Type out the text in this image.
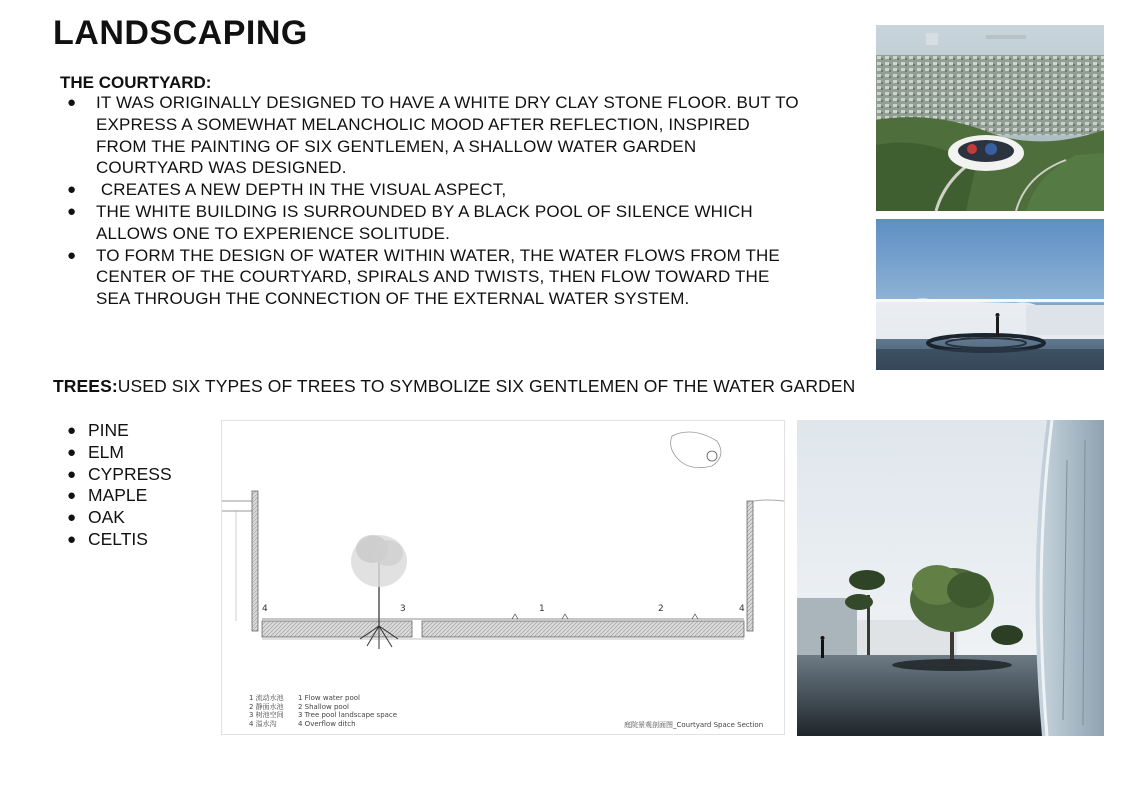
LANDSCAPING
THE COURTYARD:
● IT WAS ORIGINALLY DESIGNED TO HAVE A WHITE DRY CLAY STONE FLOOR. BUT TO EXPRESS A SOMEWHAT MELANCHOLIC MOOD AFTER REFLECTION, INSPIRED FROM THE PAINTING OF SIX GENTLEMEN, A SHALLOW WATER GARDEN COURTYARD WAS DESIGNED.
● CREATES A NEW DEPTH IN THE VISUAL ASPECT,
● THE WHITE BUILDING IS SURROUNDED BY A BLACK POOL OF SILENCE WHICH ALLOWS ONE TO EXPERIENCE SOLITUDE.
● TO FORM THE DESIGN OF WATER WITHIN WATER, THE WATER FLOWS FROM THE CENTER OF THE COURTYARD, SPIRALS AND TWISTS, THEN FLOW TOWARD THE SEA THROUGH THE CONNECTION OF THE EXTERNAL WATER SYSTEM.

TREES:USED SIX TYPES OF TREES TO SYMBOLIZE SIX GENTLEMEN OF THE WATER GARDEN

● PINE
● ELM
● CYPRESS
● MAPLE
● OAK
● CELTIS
4	3	1	2	4
1 流动水池
2 静面水池
3 树池空间
4 溢水沟
1 Flow water pool
2 Shallow pool
3 Tree pool landscape space
4 Overflow ditch	庭院景观剖面图_Courtyard Space Section
